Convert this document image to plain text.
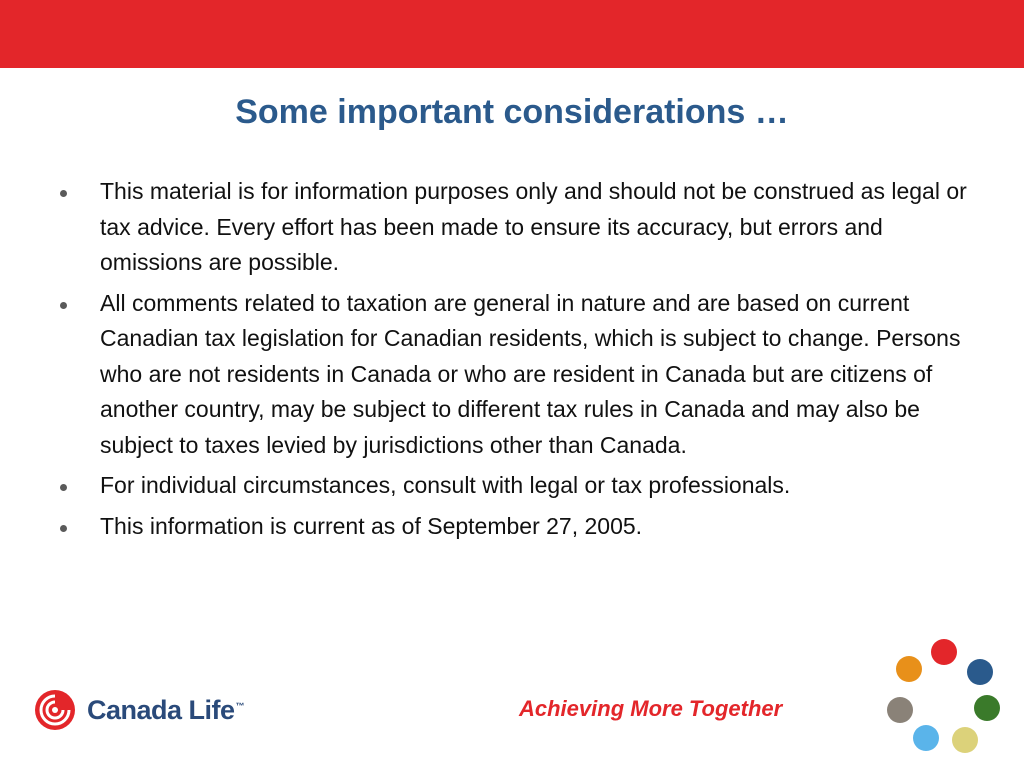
Some important considerations …
This material is for information purposes only and should not be construed as legal or tax advice. Every effort has been made to ensure its accuracy, but errors and omissions are possible.
All comments related to taxation are general in nature and are based on current Canadian tax legislation for Canadian residents, which is subject to change. Persons who are not residents in Canada or who are resident in Canada but are citizens of another country, may be subject to different tax rules in Canada and may also be subject to taxes levied by jurisdictions other than Canada.
For individual circumstances, consult with legal or tax professionals.
This information is current as of September 27, 2005.
Canada Life™	Achieving More Together
